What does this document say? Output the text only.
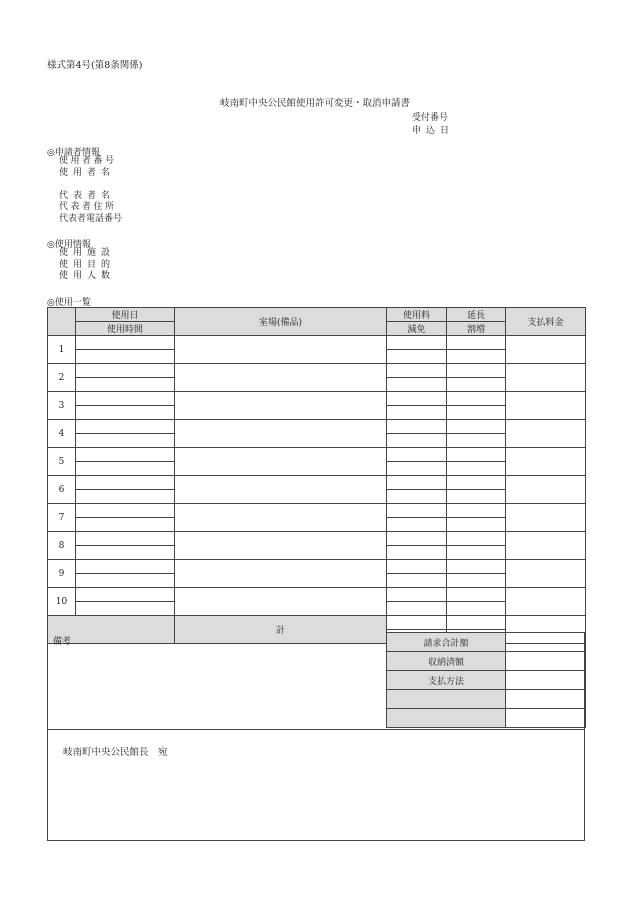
様式第4号(第8条関係)
岐南町中央公民館使用許可変更・取消申請書
受付番号
申込日
◎申請者情報
使用者番号
使用者名
代表者名
代表者住所
代表者電話番号
◎使用情報
使用施設
使用目的
使用人数
◎使用一覧
	使用日	室場(備品)	使用料	延長	支払料金
	使用時間		減免	割増	
1					

2					

3					

4					

5					

6					

7					

8					

9					

10					

		計			

備考	請求合計額	
収納済額	
支払方法	

岐南町中央公民館長　宛
